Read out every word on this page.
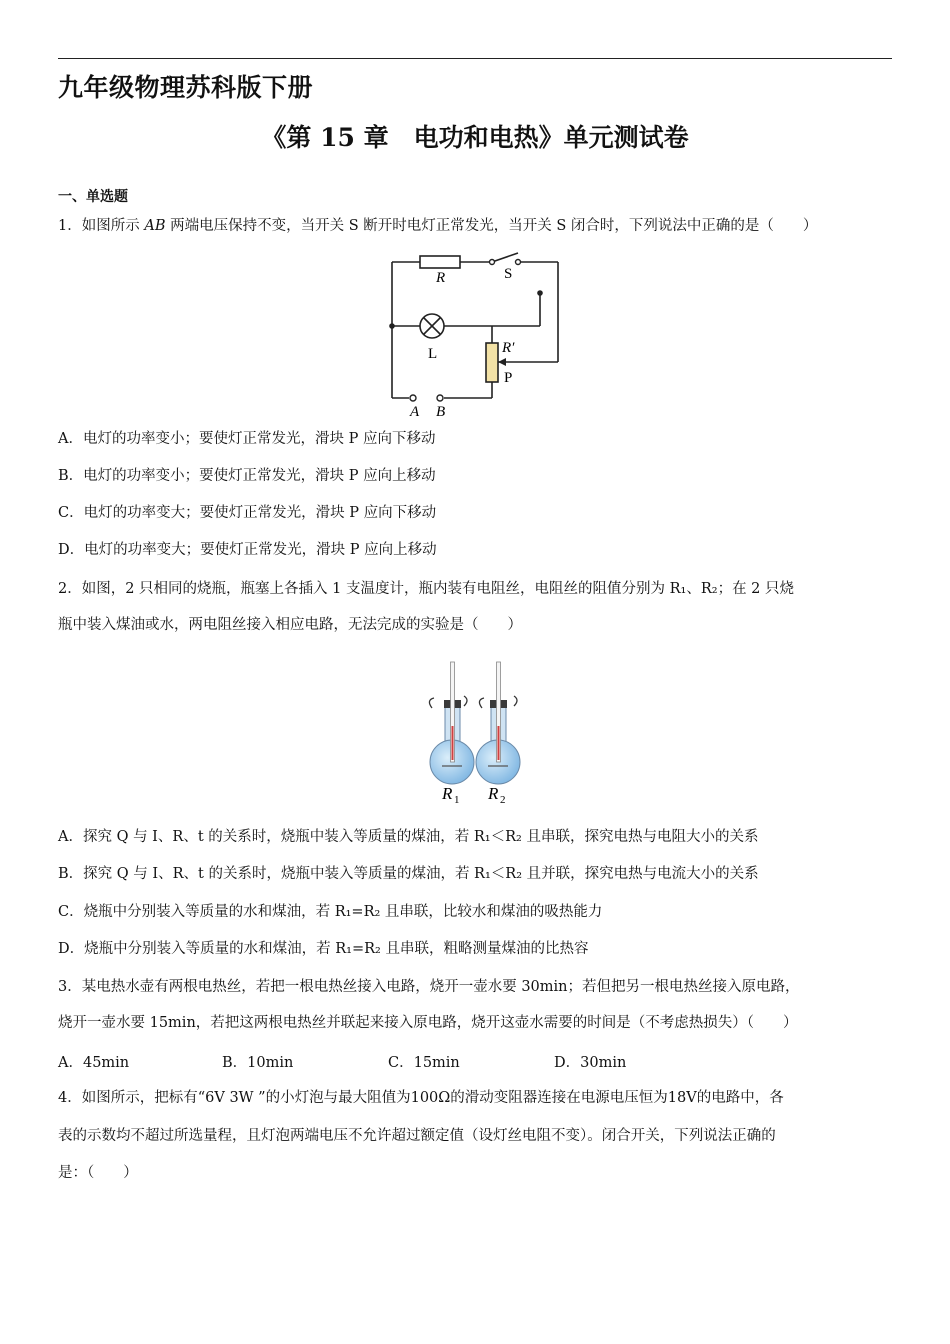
九年级物理苏科版下册
《第 15 章　电功和电热》单元测试卷
一、单选题
1．如图所示 AB 两端电压保持不变，当开关 S 断开时电灯正常发光，当开关 S 闭合时，下列说法中正确的是（　　）
R	S
L	R′
P
A B
A．电灯的功率变小；要使灯正常发光，滑块 P 应向下移动
B．电灯的功率变小；要使灯正常发光，滑块 P 应向上移动
C．电灯的功率变大；要使灯正常发光，滑块 P 应向下移动
D．电灯的功率变大；要使灯正常发光，滑块 P 应向上移动
2．如图，2 只相同的烧瓶，瓶塞上各插入 1 支温度计，瓶内装有电阻丝，电阻丝的阻值分别为 R₁、R₂；在 2 只烧
瓶中装入煤油或水，两电阻丝接入相应电路，无法完成的实验是（　　）
R 1 R 2
A．探究 Q 与 I、R、t 的关系时，烧瓶中装入等质量的煤油，若 R₁＜R₂ 且串联，探究电热与电阻大小的关系
B．探究 Q 与 I、R、t 的关系时，烧瓶中装入等质量的煤油，若 R₁＜R₂ 且并联，探究电热与电流大小的关系
C．烧瓶中分别装入等质量的水和煤油，若 R₁=R₂ 且串联，比较水和煤油的吸热能力
D．烧瓶中分别装入等质量的水和煤油，若 R₁=R₂ 且串联，粗略测量煤油的比热容
3．某电热水壶有两根电热丝，若把一根电热丝接入电路，烧开一壶水要 30min；若但把另一根电热丝接入原电路，
烧开一壶水要 15min，若把这两根电热丝并联起来接入原电路，烧开这壶水需要的时间是（不考虑热损失）（　　）
A．45min	B．10min	C．15min	D．30min
4．如图所示，把标有“6V 3W ”的小灯泡与最大阻值为100Ω的滑动变阻器连接在电源电压恒为18V的电路中，各
表的示数均不超过所选量程，且灯泡两端电压不允许超过额定值（设灯丝电阻不变）。闭合开关，下列说法正确的
是：（　　）
